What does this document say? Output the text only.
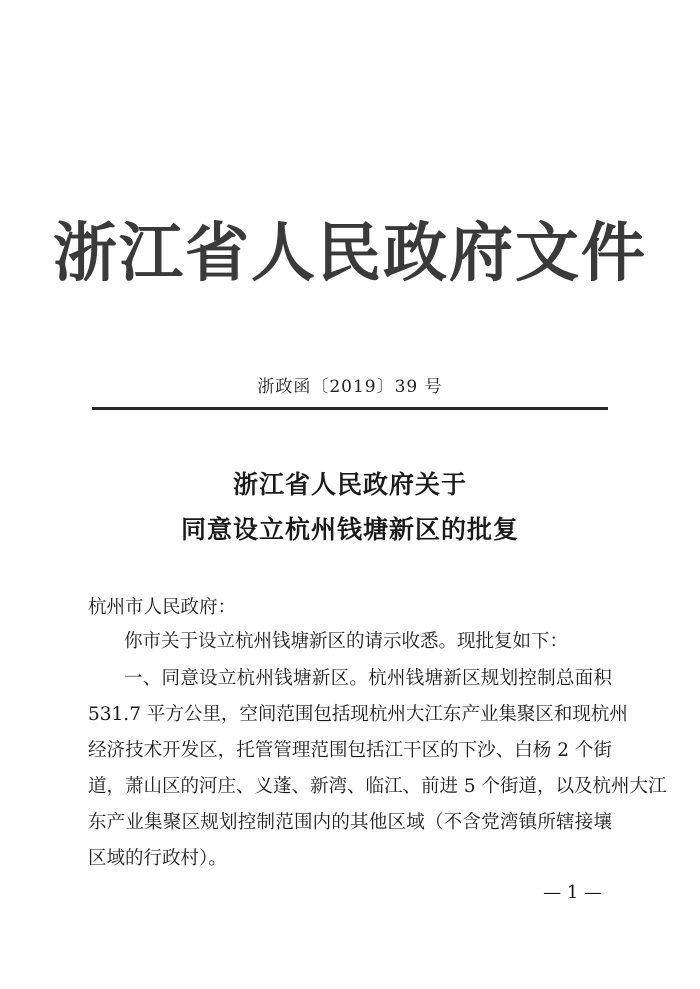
浙江省人民政府文件
浙政函〔2019〕39 号
浙江省人民政府关于
同意设立杭州钱塘新区的批复
杭州市人民政府：
你市关于设立杭州钱塘新区的请示收悉。现批复如下：
一、同意设立杭州钱塘新区。杭州钱塘新区规划控制总面积
531.7 平方公里，空间范围包括现杭州大江东产业集聚区和现杭州
经济技术开发区，托管管理范围包括江干区的下沙、白杨 2 个街
道，萧山区的河庄、义蓬、新湾、临江、前进 5 个街道，以及杭州大江
东产业集聚区规划控制范围内的其他区域（不含党湾镇所辖接壤
区域的行政村）。
— 1 —
